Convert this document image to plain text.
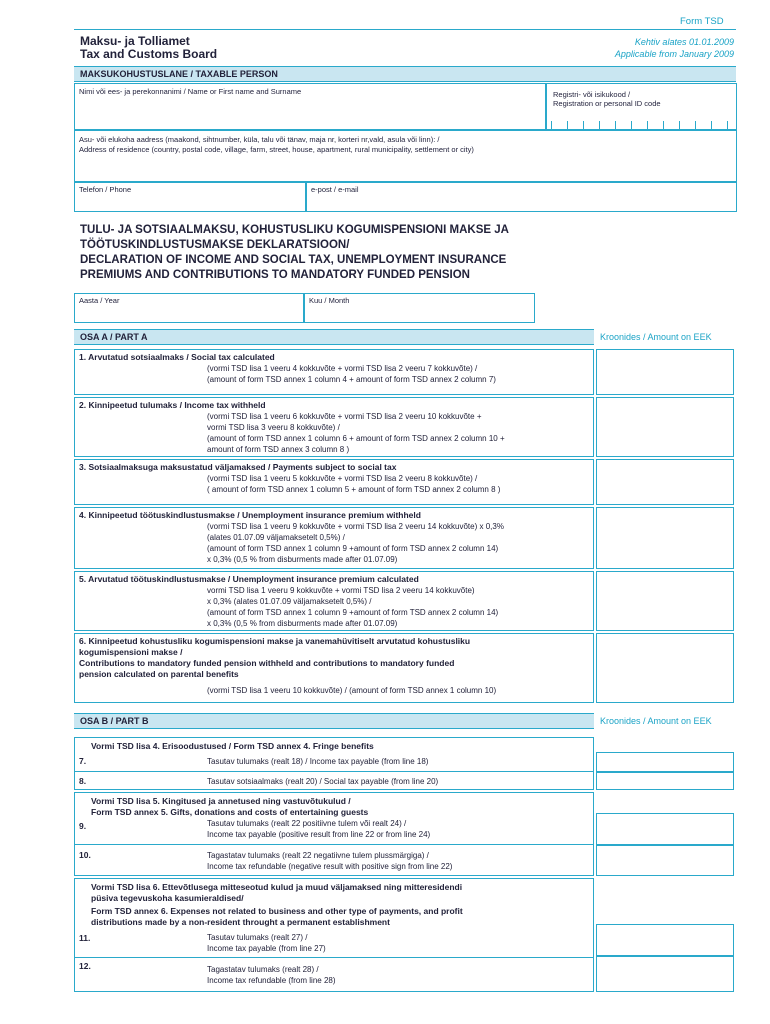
Form TSD
Maksu- ja Tolliamet
Tax and Customs Board
Kehtiv alates 01.01.2009
Applicable from January 2009
MAKSUKOHUSTUSLANE / TAXABLE PERSON
Nimi või ees- ja perekonnanimi / Name or First name and Surname	Registri- või isikukood /
Registration or personal ID code
Asu- või elukoha aadress (maakond, sihtnumber, küla, talu või tänav, maja nr, korteri nr,vald, asula või linn): /
Address of residence (country, postal code, village, farm, street, house, apartment, rural municipality, settlement or city)
Telefon / Phone	e-post / e-mail
TULU- JA SOTSIAALMAKSU, KOHUSTUSLIKU KOGUMISPENSIONI MAKSE JA
TÖÖTUSKINDLUSTUSMAKSE DEKLARATSIOON/
DECLARATION OF INCOME AND SOCIAL TAX, UNEMPLOYMENT INSURANCE
PREMIUMS AND CONTRIBUTIONS TO MANDATORY FUNDED PENSION
Aasta / Year	Kuu / Month
OSA A / PART A	Kroonides / Amount on EEK
1. Arvutatud sotsiaalmaks / Social tax calculated
(vormi TSD lisa 1 veeru 4 kokkuvõte + vormi TSD lisa 2 veeru 7 kokkuvõte) /
(amount of form TSD annex 1 column 4 + amount of form TSD annex 2 column 7)
2. Kinnipeetud tulumaks / Income tax withheld
(vormi TSD lisa 1 veeru 6 kokkuvõte + vormi TSD lisa 2 veeru 10 kokkuvõte +
vormi TSD lisa 3 veeru 8 kokkuvõte) /
(amount of form TSD annex 1 column 6 + amount of form TSD annex 2 column 10 +
amount of form TSD annex 3 column 8 )
3. Sotsiaalmaksuga maksustatud väljamaksed / Payments subject to social tax
(vormi TSD lisa 1 veeru 5 kokkuvõte + vormi TSD lisa 2 veeru 8 kokkuvõte) /
( amount of form TSD annex 1 column 5 + amount of form TSD annex 2 column 8 )
4. Kinnipeetud töötuskindlustusmakse / Unemployment insurance premium withheld
(vormi TSD lisa 1 veeru 9 kokkuvõte + vormi TSD lisa 2 veeru 14 kokkuvõte) x 0,3%
(alates 01.07.09 väljamaksetelt 0,5%) /
(amount of form TSD annex 1 column 9 +amount of form TSD annex 2 column 14)
x 0,3% (0,5 % from disburments made after 01.07.09)
5. Arvutatud töötuskindlustusmakse / Unemployment insurance premium calculated
vormi TSD lisa 1 veeru 9 kokkuvõte + vormi TSD lisa 2 veeru 14 kokkuvõte)
x 0,3% (alates 01.07.09 väljamaksetelt 0,5%) /
(amount of form TSD annex 1 column 9 +amount of form TSD annex 2 column 14)
x 0,3% (0,5 % from disburments made after 01.07.09)
6. Kinnipeetud kohustusliku kogumispensioni makse ja vanemahüvitiselt arvutatud kohustusliku
kogumispensioni makse /
Contributions to mandatory funded pension withheld and contributions to mandatory funded
pension calculated on parental benefits
(vormi TSD lisa 1 veeru 10 kokkuvõte) / (amount of form TSD annex 1 column 10)
OSA B / PART B	Kroonides / Amount on EEK
Vormi TSD lisa 4. Erisoodustused / Form TSD annex 4. Fringe benefits
7.	Tasutav tulumaks (realt 18) / Income tax payable (from line 18)
8.	Tasutav sotsiaalmaks (realt 20) / Social tax payable (from line 20)
Vormi TSD lisa 5. Kingitused ja annetused ning vastuvõtukulud /
Form TSD annex 5. Gifts, donations and costs of entertaining guests
9.	Tasutav tulumaks (realt 22 positiivne tulem või realt 24) /
Income tax payable (positive result from line 22 or from line 24)
10.	Tagastatav tulumaks (realt 22 negatiivne tulem plussmärgiga) /
Income tax refundable (negative result with positive sign from line 22)
Vormi TSD lisa 6. Ettevõtlusega mitteseotud kulud ja muud väljamaksed ning mitteresidendi
püsiva tegevuskoha kasumieraldised/
Form TSD annex 6. Expenses not related to business and other type of payments, and profit
distributions made by a non-resident throught a permanent establishment
11.	Tasutav tulumaks (realt 27) /
Income tax payable (from line 27)
12.	Tagastatav tulumaks (realt 28) /
Income tax refundable (from line 28)
